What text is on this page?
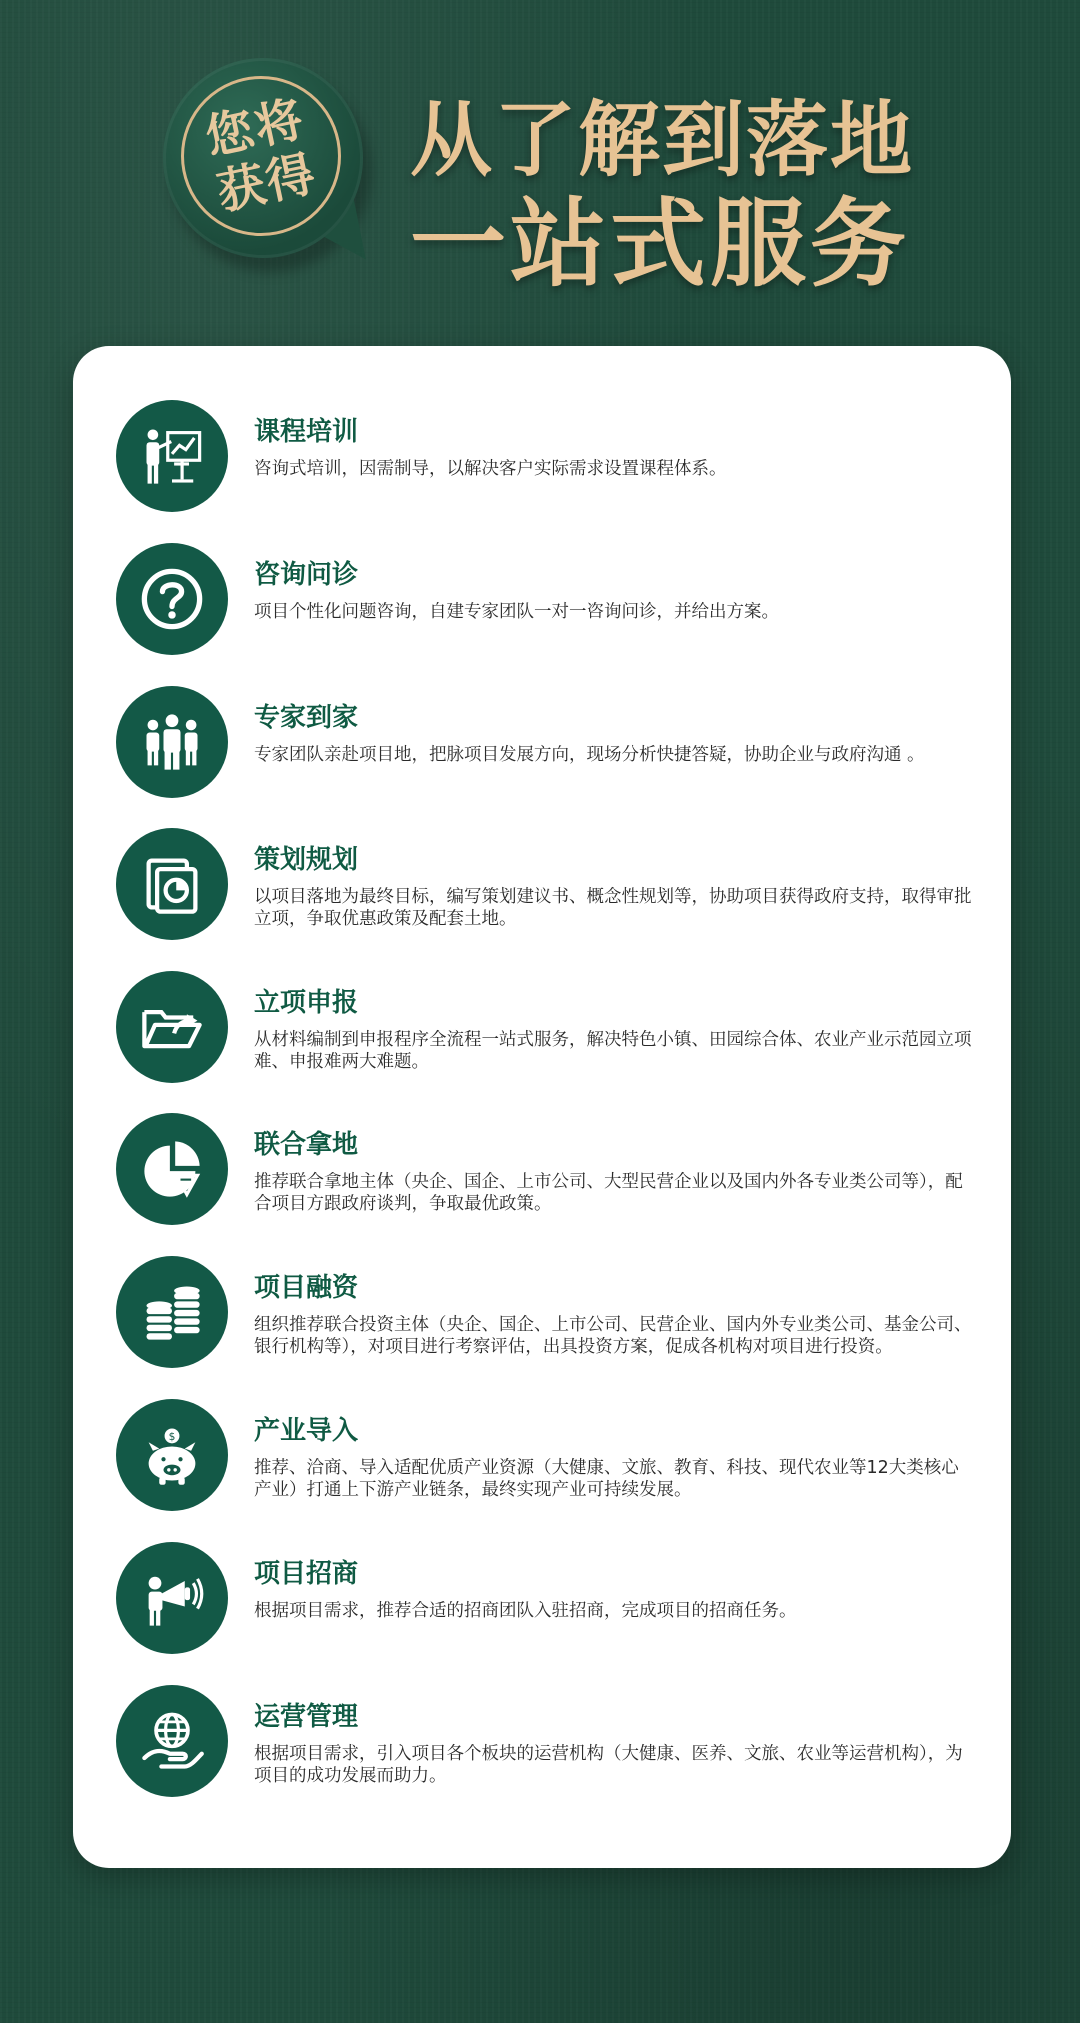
您将
获得 从了解到落地
一站式服务
课程培训
咨询式培训，因需制导，以解决客户实际需求设置课程体系。
咨询问诊
项目个性化问题咨询，自建专家团队一对一咨询问诊，并给出方案。
专家到家
专家团队亲赴项目地，把脉项目发展方向，现场分析快捷答疑，协助企业与政府沟通 。
策划规划
以项目落地为最终目标，编写策划建议书、概念性规划等，协助项目获得政府支持，取得审批立项，争取优惠政策及配套土地。
立项申报
从材料编制到申报程序全流程一站式服务，解决特色小镇、田园综合体、农业产业示范园立项难、申报难两大难题。
联合拿地
推荐联合拿地主体（央企、国企、上市公司、大型民营企业以及国内外各专业类公司等），配合项目方跟政府谈判，争取最优政策。
项目融资
组织推荐联合投资主体（央企、国企、上市公司、民营企业、国内外专业类公司、基金公司、银行机构等），对项目进行考察评估，出具投资方案，促成各机构对项目进行投资。
$	产业导入
推荐、洽商、导入适配优质产业资源（大健康、文旅、教育、科技、现代农业等12大类核心产业）打通上下游产业链条，最终实现产业可持续发展。
项目招商
根据项目需求，推荐合适的招商团队入驻招商，完成项目的招商任务。
运营管理
根据项目需求，引入项目各个板块的运营机构（大健康、医养、文旅、农业等运营机构），为项目的成功发展而助力。
